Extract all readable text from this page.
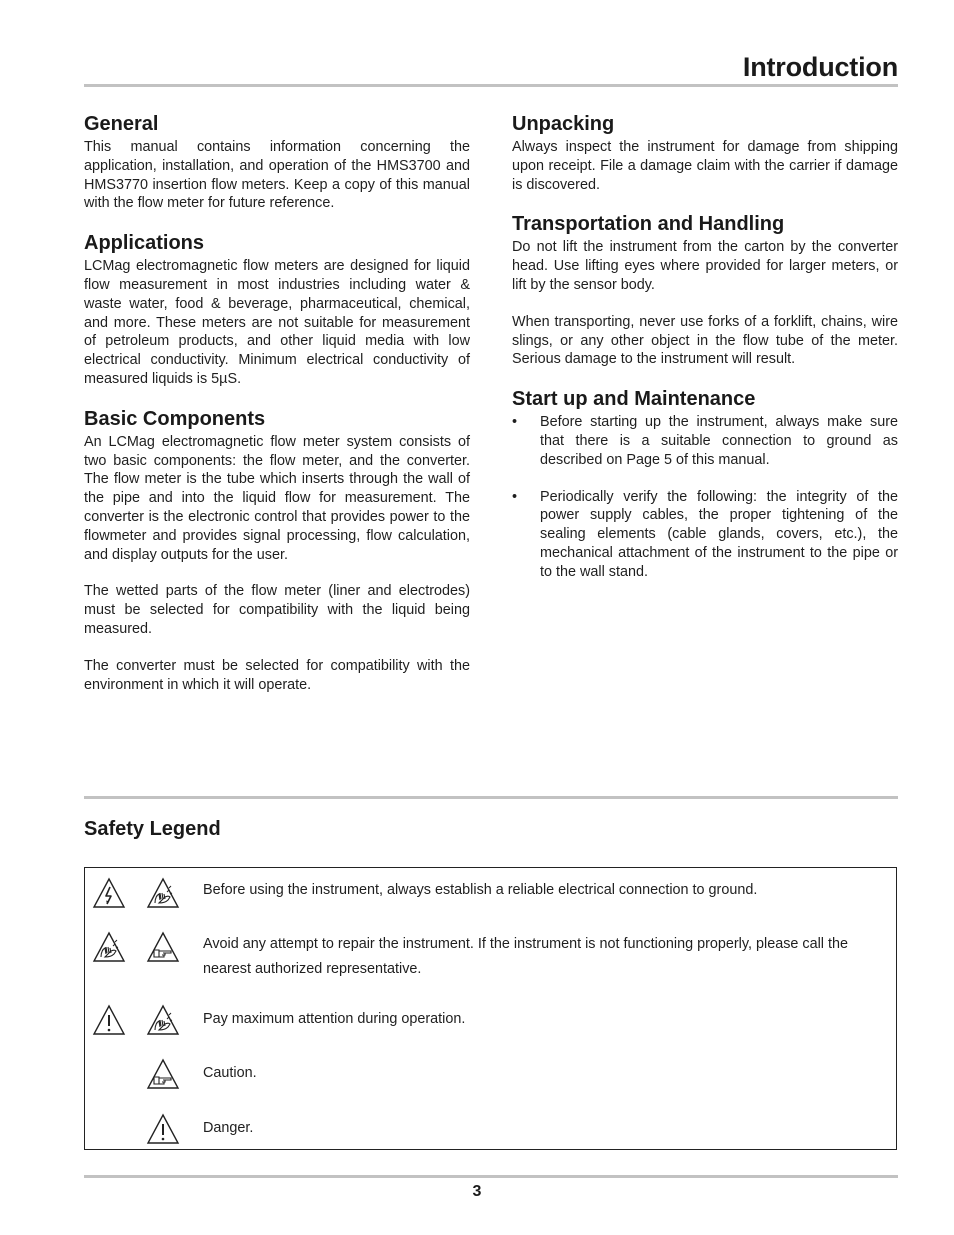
Introduction
General

This manual contains information concerning the application, installation, and operation of the HMS3700 and HMS3770 insertion flow meters. Keep a copy of this manual with the flow meter for future reference.

Applications

LCMag electromagnetic flow meters are designed for liquid flow measurement in most industries including water & waste water, food & beverage, pharmaceutical, chemical, and more. These meters are not suitable for measurement of petroleum products, and other liquid media with low electrical conductivity. Minimum electrical conductivity of measured liquids is 5µS.

Basic Components

An LCMag electromagnetic flow meter system consists of two basic components: the flow meter, and the converter. The flow meter is the tube which inserts through the wall of the pipe and into the liquid flow for measurement. The converter is the electronic control that provides power to the flowmeter and provides signal processing, flow calculation, and display outputs for the user.

The wetted parts of the flow meter (liner and electrodes) must be selected for compatibility with the liquid being measured.

The converter must be selected for compatibility with the environment in which it will operate.

Unpacking

Always inspect the instrument for damage from shipping upon receipt. File a damage claim with the carrier if damage is discovered.

Transportation and Handling

Do not lift the instrument from the carton by the converter head. Use lifting eyes where provided for larger meters, or lift by the sensor body.

When transporting, never use forks of a forklift, chains, wire slings, or any other object in the flow tube of the meter. Serious damage to the instrument will result.

Start up and Maintenance
• Before starting up the instrument, always make sure that there is a suitable connection to ground as described on Page 5 of this manual.
• Periodically verify the following: the integrity of the power supply cables, the proper tightening of the sealing elements (cable glands, covers, etc.), the mechanical attachment of the instrument to the pipe or to the wall stand.
Safety Legend
Before using the instrument, always establish a reliable electrical connection to ground.
Avoid any attempt to repair the instrument. If the instrument is not functioning properly, please call the nearest authorized representative.
Pay maximum attention during operation.
Caution.
Danger.
3
